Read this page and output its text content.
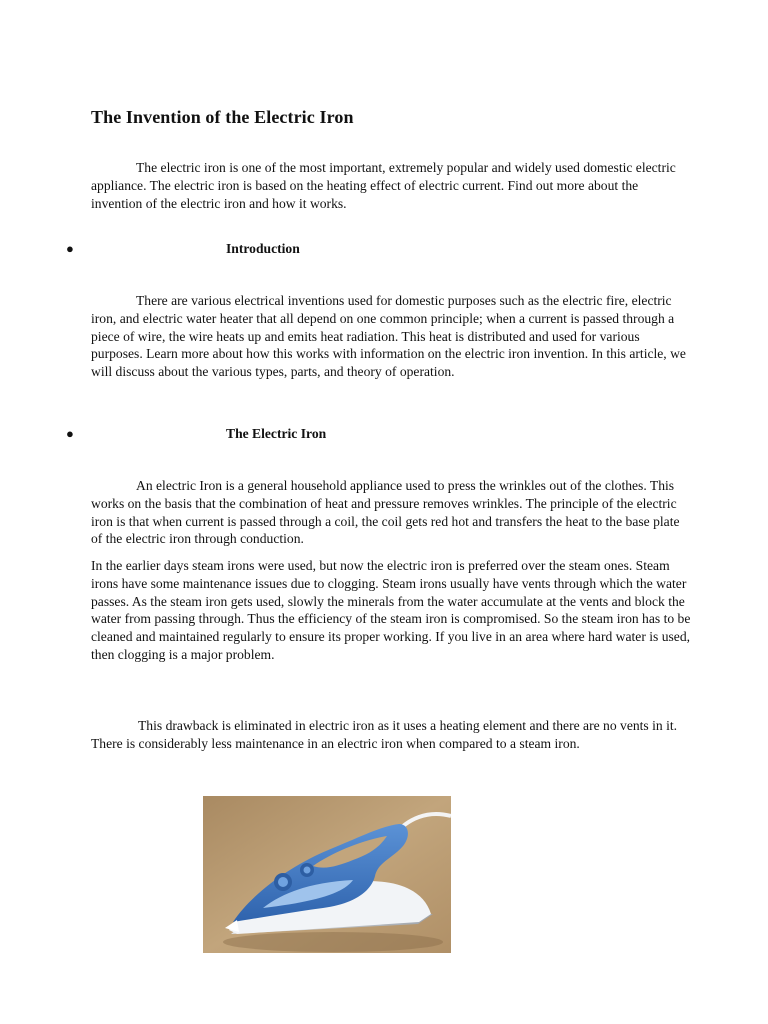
The Invention of the Electric Iron

The electric iron is one of the most important, extremely popular and widely used domestic electric appliance. The electric iron is based on the heating effect of electric current. Find out more about the invention of the electric iron and how it works.

●	Introduction

There are various electrical inventions used for domestic purposes such as the electric fire, electric iron, and electric water heater that all depend on one common principle; when a current is passed through a piece of wire, the wire heats up and emits heat radiation. This heat is distributed and used for various purposes. Learn more about how this works with information on the electric iron invention. In this article, we will discuss about the various types, parts, and theory of operation.

●	The Electric Iron

An electric Iron is a general household appliance used to press the wrinkles out of the clothes. This works on the basis that the combination of heat and pressure removes wrinkles. The principle of the electric iron is that when current is passed through a coil, the coil gets red hot and transfers the heat to the base plate of the electric iron through conduction.

In the earlier days steam irons were used, but now the electric iron is preferred over the steam ones. Steam irons have some maintenance issues due to clogging. Steam irons usually have vents through which the water passes. As the steam iron gets used, slowly the minerals from the water accumulate at the vents and block the water from passing through. Thus the efficiency of the steam iron is compromised. So the steam iron has to be cleaned and maintained regularly to ensure its proper working. If you live in an area where hard water is used, then clogging is a major problem.

This drawback is eliminated in electric iron as it uses a heating element and there are no vents in it. There is considerably less maintenance in an electric iron when compared to a steam iron.
